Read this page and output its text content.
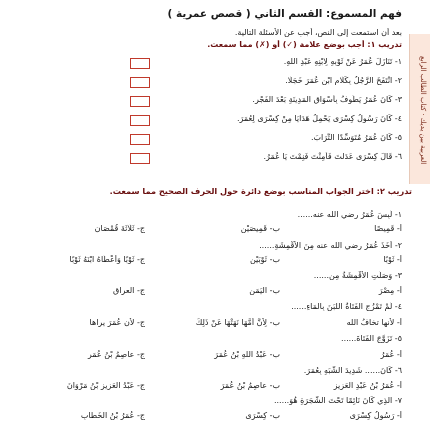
العربية بين يديك · كتاب الطالب الرابع
فهم المسموع: القسم الثاني ( قصص عمرية )
بعد أن استمعت إلى النص، أجب عن الأسئلة التالية.
تدريب ١: أجب بوضع علامة (✓) أو (✗) مما سمعت.
١- تَنَازَلَ عُمَرُ عَنْ ثَوْبِهِ لِابْنِهِ عَبْدِ اللهِ.
٢- انْتَفَخَ الرَّجُلُ بِكَلَامِ ابْنِ عُمَرَ خَجَلًا.
٣- كَانَ عُمَرُ يَطُوفُ بِأَسْوَاقِ الْمَدِينَةِ بَعْدَ الْفَجْرِ.
٤- كَانَ رَسُولُ كِسْرَى يَحْمِلُ هَدَايَا مِنْ كِسْرَى لِعُمَرَ.
٥- كَانَ عُمَرُ مُتَوَسِّدًا التُّرَابَ.
٦- قَالَ كِسْرَى عَدَلْتَ فَأَمِنْتَ فَنِمْتَ يَا عُمَرُ.
تدريب ٢: اختر الجواب المناسب بوضع دائرة حول الحرف الصحيح مما سمعت.
١- لَبِسَ عُمَرُ رضي الله عنه......
أ- قَمِيصًا
ب- قَمِيصَيْنِ
ج- ثَلَاثَةَ قُمْصَانٍ
٢- أَخَذَ عُمَرُ رضي الله عنه مِنَ الْأَقْمِشَةِ......
أ- ثَوْبًا
ب- ثَوْبَيْنِ
ج- ثَوْبًا وَأَعْطَاهُ ابْنَهُ ثَوْبًا
٣- وَصَلَتِ الْأَقْمِشَةُ مِن......
أ- مِصْرَ
ب- الْيَمَنِ
ج- العراق
٤- لَمْ تَمْزُجِ الْفَتَاةُ اللَّبَنَ بِالْمَاءِ......
أ- لأنها تخافُ الله
ب- لِأَنَّ أُمَّهَا نَهَتْهَا عَنْ ذَلِكَ
ج- لأن عُمَرَ يراها
٥- تَزَوَّجَ الْفَتَاةَ......
أ- عُمَرُ
ب- عَبْدُ اللهِ بْنُ عُمَرَ
ج- عاصِمُ بْنُ عُمَر
٦- كَانَ...... شَدِيدَ الشَّبَهِ بِعُمَرَ.
أ- عُمَرُ بْنُ عَبْدِ الْعَزِيزِ
ب- عاصِمُ بْنُ عُمَرَ
ج- عَبْدُ الْعَزِيزِ بْنُ مَرْوَانَ
٧- الَّذِي كَانَ نَائِمًا تَحْتَ الشَّجَرَةِ هُوَ......
أ- رَسُولُ كِسْرَى
ب- كِسْرَى
ج- عُمَرُ بْنُ الْخَطَّابِ
